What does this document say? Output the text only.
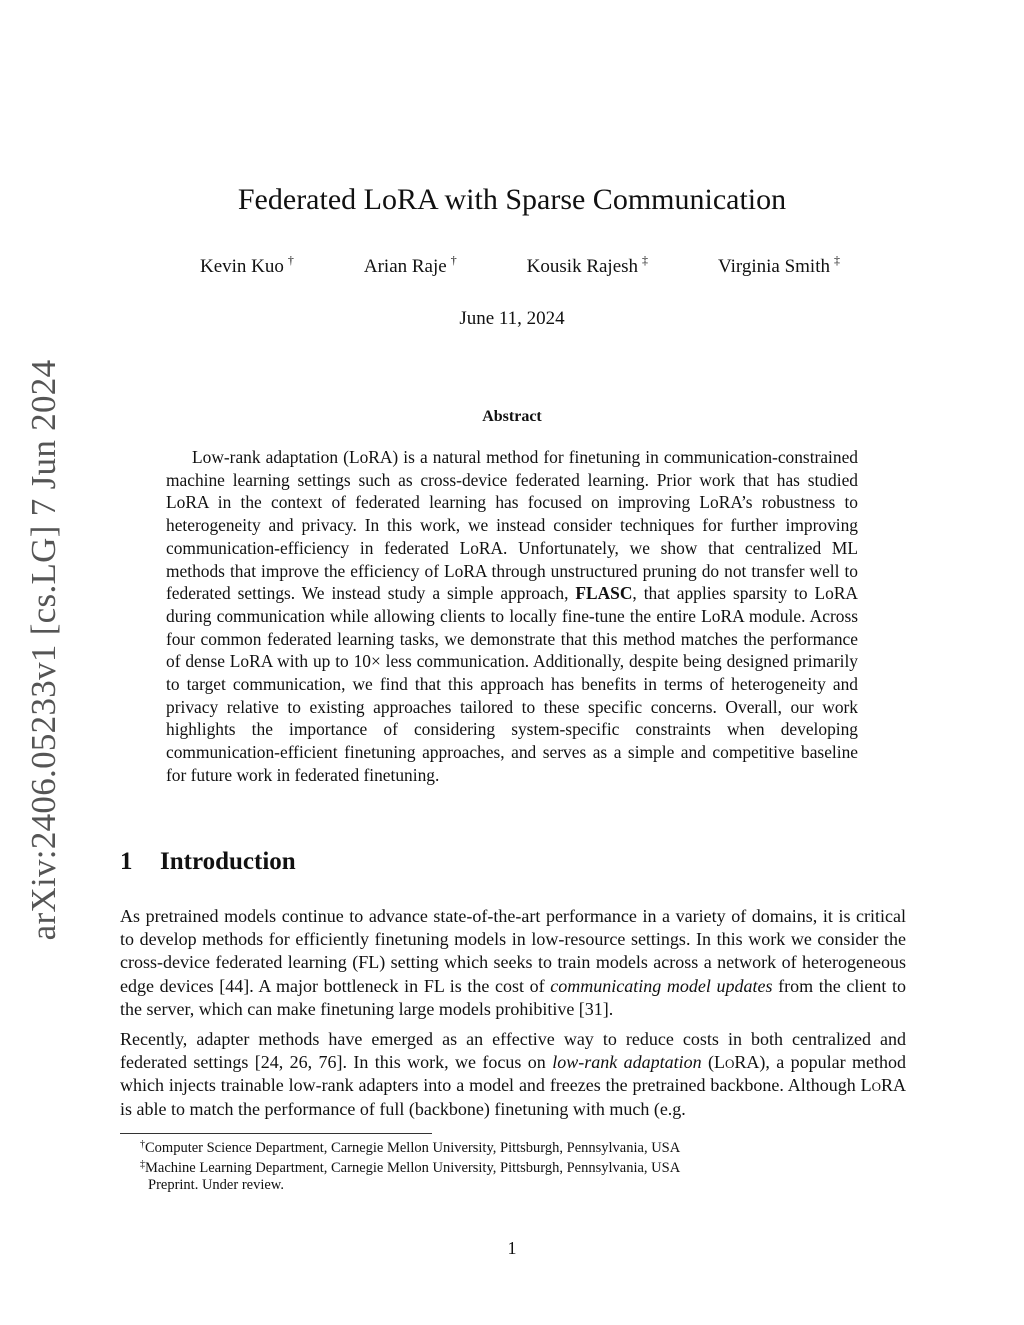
arXiv:2406.05233v1 [cs.LG] 7 Jun 2024
Federated LoRA with Sparse Communication
Kevin Kuo †	Arian Raje †	Kousik Rajesh ‡	Virginia Smith ‡
June 11, 2024
Abstract

Low-rank adaptation (LoRA) is a natural method for finetuning in communication-constrained machine learning settings such as cross-device federated learning. Prior work that has studied LoRA in the context of federated learning has focused on improving LoRA’s robustness to heterogeneity and privacy. In this work, we instead consider techniques for further improving communication-efficiency in federated LoRA. Unfortunately, we show that centralized ML methods that improve the efficiency of LoRA through unstructured pruning do not transfer well to federated settings. We instead study a simple approach, FLASC, that applies sparsity to LoRA during communication while allowing clients to locally fine-tune the entire LoRA module. Across four common federated learning tasks, we demonstrate that this method matches the performance of dense LoRA with up to 10× less communication. Additionally, despite being designed primarily to target communication, we find that this approach has benefits in terms of heterogeneity and privacy relative to existing approaches tailored to these specific concerns. Overall, our work highlights the importance of considering system-specific constraints when developing communication-efficient finetuning approaches, and serves as a simple and competitive baseline for future work in federated finetuning.

1 Introduction

As pretrained models continue to advance state-of-the-art performance in a variety of domains, it is critical to develop methods for efficiently finetuning models in low-resource settings. In this work we consider the cross-device federated learning (FL) setting which seeks to train models across a network of heterogeneous edge devices [44]. A major bottleneck in FL is the cost of communicating model updates from the client to the server, which can make finetuning large models prohibitive [31].

Recently, adapter methods have emerged as an effective way to reduce costs in both centralized and federated settings [24, 26, 76]. In this work, we focus on low-rank adaptation (LoRA), a popular method which injects trainable low-rank adapters into a model and freezes the pretrained backbone. Although LoRA is able to match the performance of full (backbone) finetuning with much (e.g.

†Computer Science Department, Carnegie Mellon University, Pittsburgh, Pennsylvania, USA

‡Machine Learning Department, Carnegie Mellon University, Pittsburgh, Pennsylvania, USA

Preprint. Under review.

1
